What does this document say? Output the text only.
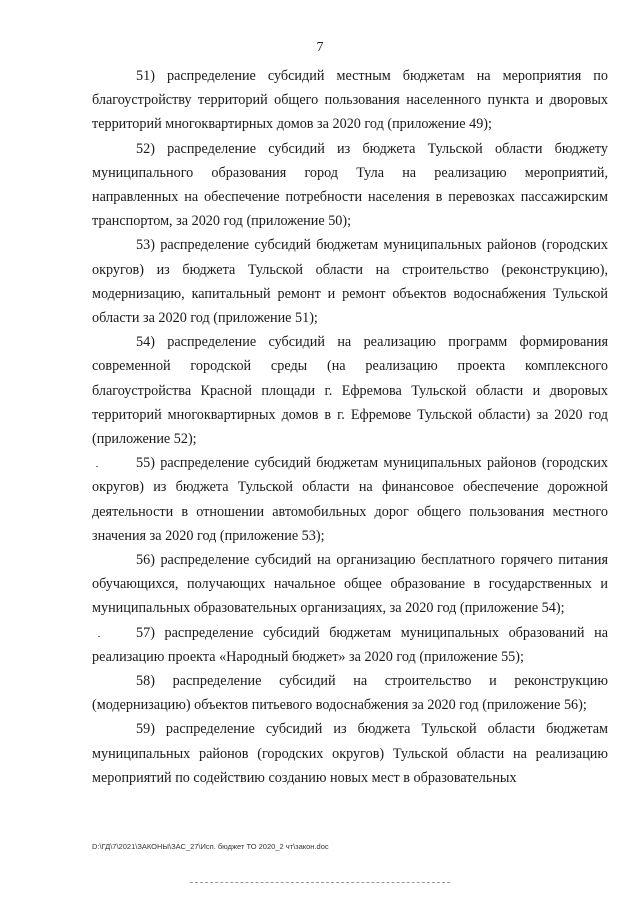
7

51) распределение субсидий местным бюджетам на мероприятия по благоустройству территорий общего пользования населенного пункта и дворовых территорий многоквартирных домов за 2020 год (приложение 49);

52) распределение субсидий из бюджета Тульской области бюджету муниципального образования город Тула на реализацию мероприятий, направленных на обеспечение потребности населения в перевозках пассажирским транспортом, за 2020 год (приложение 50);

53) распределение субсидий бюджетам муниципальных районов (городских округов) из бюджета Тульской области на строительство (реконструкцию), модернизацию, капитальный ремонт и ремонт объектов водоснабжения Тульской области за 2020 год (приложение 51);

54) распределение субсидий на реализацию программ формирования современной городской среды (на реализацию проекта комплексного благоустройства Красной площади г. Ефремова Тульской области и дворовых территорий многоквартирных домов в г. Ефремове Тульской области) за 2020 год (приложение 52);

55) распределение субсидий бюджетам муниципальных районов (городских округов) из бюджета Тульской области на финансовое обеспечение дорожной деятельности в отношении автомобильных дорог общего пользования местного значения за 2020 год (приложение 53);

56) распределение субсидий на организацию бесплатного горячего питания обучающихся, получающих начальное общее образование в государственных и муниципальных образовательных организациях, за 2020 год (приложение 54);

57) распределение субсидий бюджетам муниципальных образований на реализацию проекта «Народный бюджет» за 2020 год (приложение 55);

58) распределение субсидий на строительство и реконструкцию (модернизацию) объектов питьевого водоснабжения за 2020 год (приложение 56);

59) распределение субсидий из бюджета Тульской области бюджетам муниципальных районов (городских округов) Тульской области на реализацию мероприятий по содействию созданию новых мест в образовательных

D:\ГД\7\2021\ЗАКОНЫ\ЗАС_27\Исп. бюджет ТО 2020_2 чт\закон.doc
